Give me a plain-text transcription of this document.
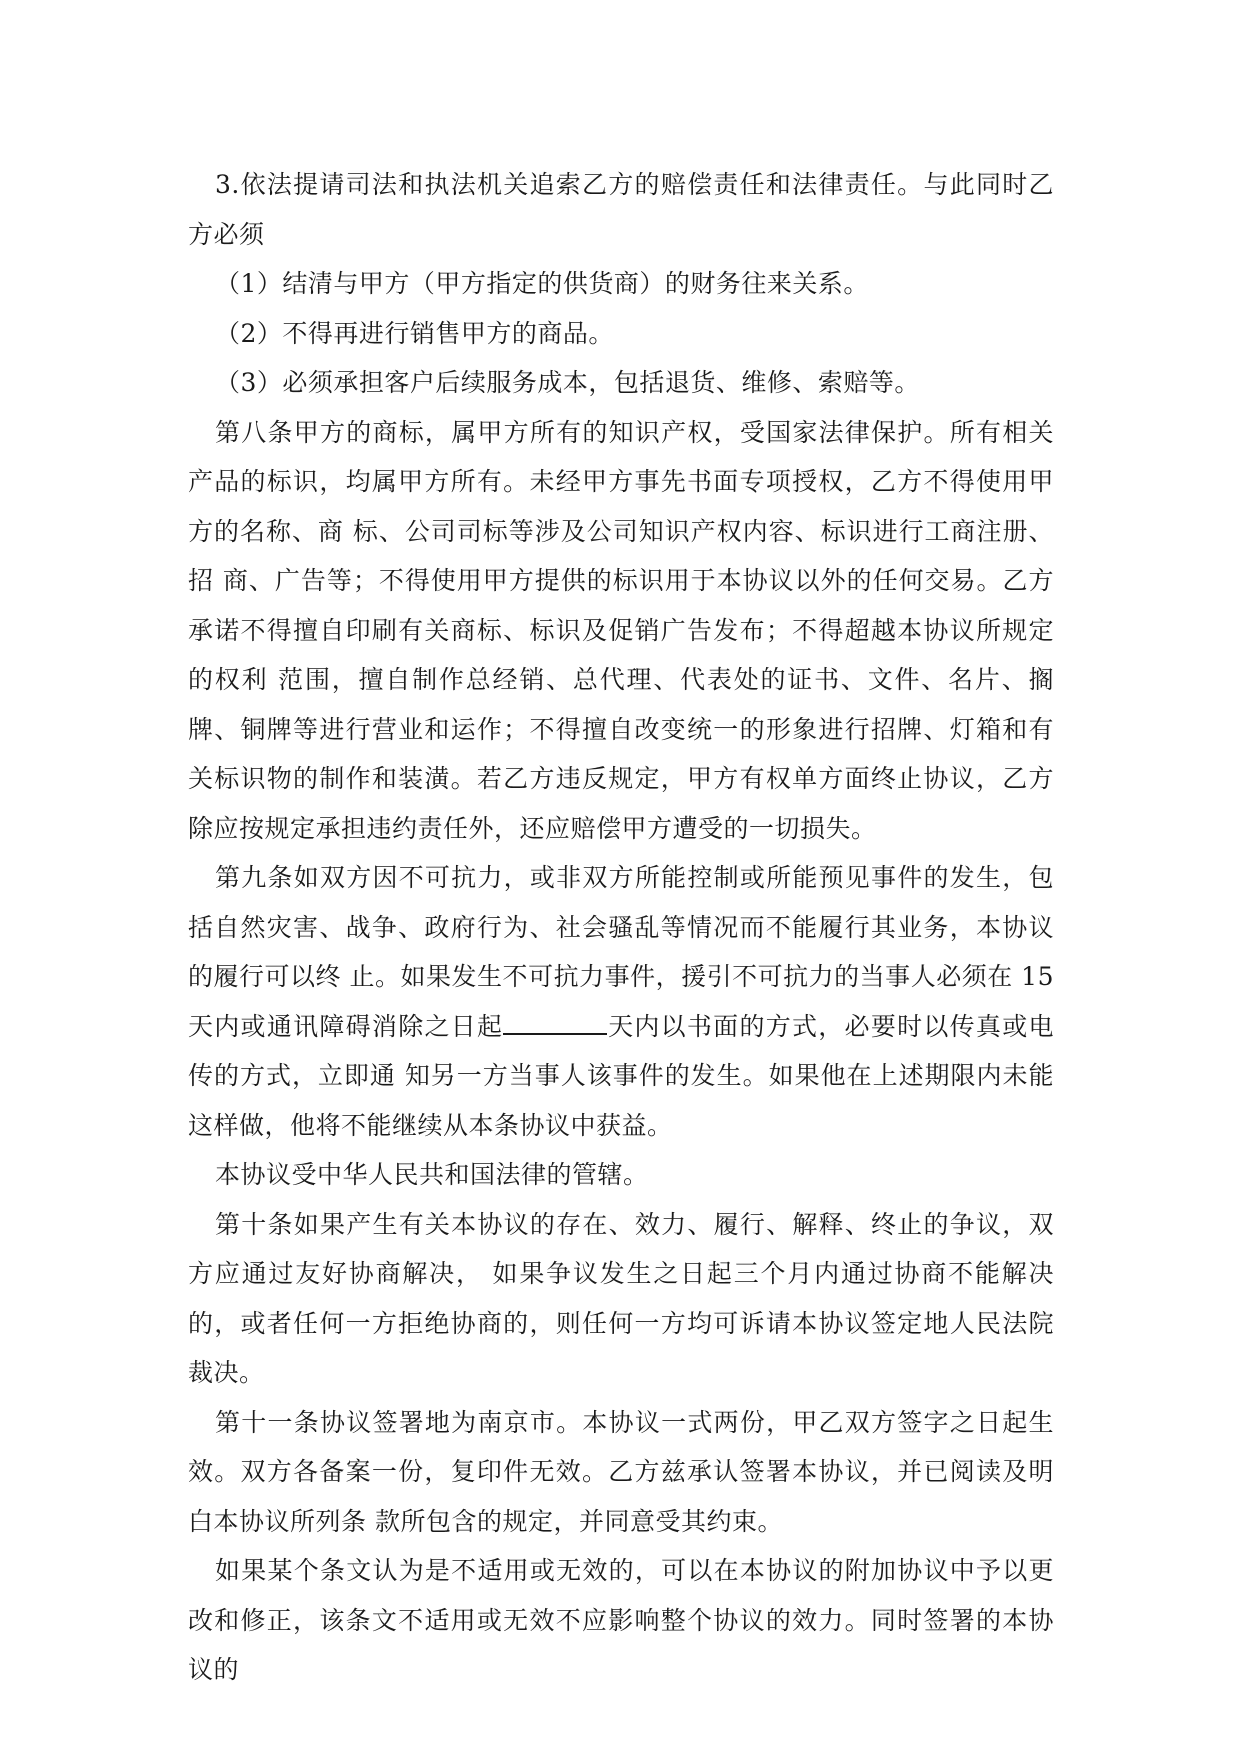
3.依法提请司法和执法机关追索乙方的赔偿责任和法律责任。与此同时乙方必须

（1）结清与甲方（甲方指定的供货商）的财务往来关系。

（2）不得再进行销售甲方的商品。

（3）必须承担客户后续服务成本，包括退货、维修、索赔等。

第八条甲方的商标，属甲方所有的知识产权，受国家法律保护。所有相关产品的标识，均属甲方所有。未经甲方事先书面专项授权，乙方不得使用甲方的名称、商 标、公司司标等涉及公司知识产权内容、标识进行工商注册、招 商、广告等；不得使用甲方提供的标识用于本协议以外的任何交易。乙方承诺不得擅自印刷有关商标、标识及促销广告发布；不得超越本协议所规定的权利 范围，擅自制作总经销、总代理、代表处的证书、文件、名片、搁牌、铜牌等进行营业和运作；不得擅自改变统一的形象进行招牌、灯箱和有关标识物的制作和装潢。若乙方违反规定，甲方有权单方面终止协议，乙方除应按规定承担违约责任外，还应赔偿甲方遭受的一切损失。

第九条如双方因不可抗力，或非双方所能控制或所能预见事件的发生，包括自然灾害、战争、政府行为、社会骚乱等情况而不能履行其业务，本协议的履行可以终 止。如果发生不可抗力事件，援引不可抗力的当事人必须在 15 天内或通讯障碍消除之日起	天内以书面的方式，必要时以传真或电传的方式，立即通 知另一方当事人该事件的发生。如果他在上述期限内未能这样做，他将不能继续从本条协议中获益。

本协议受中华人民共和国法律的管辖。

第十条如果产生有关本协议的存在、效力、履行、解释、终止的争议，双方应通过友好协商解决， 如果争议发生之日起三个月内通过协商不能解决的，或者任何一方拒绝协商的，则任何一方均可诉请本协议签定地人民法院裁决。

第十一条协议签署地为南京市。本协议一式两份，甲乙双方签字之日起生效。双方各备案一份，复印件无效。乙方兹承认签署本协议，并已阅读及明白本协议所列条 款所包含的规定，并同意受其约束。

如果某个条文认为是不适用或无效的，可以在本协议的附加协议中予以更改和修正，该条文不适用或无效不应影响整个协议的效力。同时签署的本协议的
